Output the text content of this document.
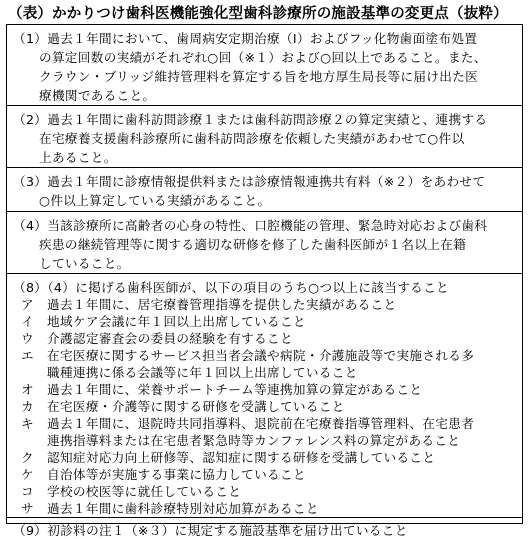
（表）かかりつけ歯科医機能強化型歯科診療所の施設基準の変更点（抜粋）
（1）過去１年間において、歯周病安定期治療（Ⅰ）およびフッ化物歯面塗布処置
の算定回数の実績がそれぞれ○回（※１）および○回以上であること。また、
クラウン・ブリッジ維持管理料を算定する旨を地方厚生局長等に届け出た医
療機関であること。
（2）過去１年間に歯科訪問診療１または歯科訪問診療２の算定実績と、連携する
在宅療養支援歯科診療所に歯科訪問診療を依頼した実績があわせて○件以
上あること。
（3）過去１年間に診療情報提供料または診療情報連携共有料（※２）をあわせて
○件以上算定している実績があること。
（4）当該診療所に高齢者の心身の特性、口腔機能の管理、緊急時対応および歯科
疾患の継続管理等に関する適切な研修を修了した歯科医師が１名以上在籍
していること。
（8）（4）に掲げる歯科医師が、以下の項目のうち○つ以上に該当すること
ア 過去１年間に、居宅療養管理指導を提供した実績があること
イ 地域ケア会議に年１回以上出席していること
ウ 介護認定審査会の委員の経験を有すること
エ 在宅医療に関するサービス担当者会議や病院・介護施設等で実施される多
職種連携に係る会議等に年１回以上出席していること
オ 過去１年間に、栄養サポートチーム等連携加算の算定があること
カ 在宅医療・介護等に関する研修を受講していること
キ 過去１年間に、退院時共同指導料、退院前在宅療養指導管理料、在宅患者
連携指導料または在宅患者緊急時等カンファレンス料の算定があること
ク 認知症対応力向上研修等、認知症に関する研修を受講していること
ケ 自治体等が実施する事業に協力していること
コ 学校の校医等に就任していること
サ 過去１年間に歯科診療特別対応加算があること
（9）初診料の注１（※３）に規定する施設基準を届け出ていること
